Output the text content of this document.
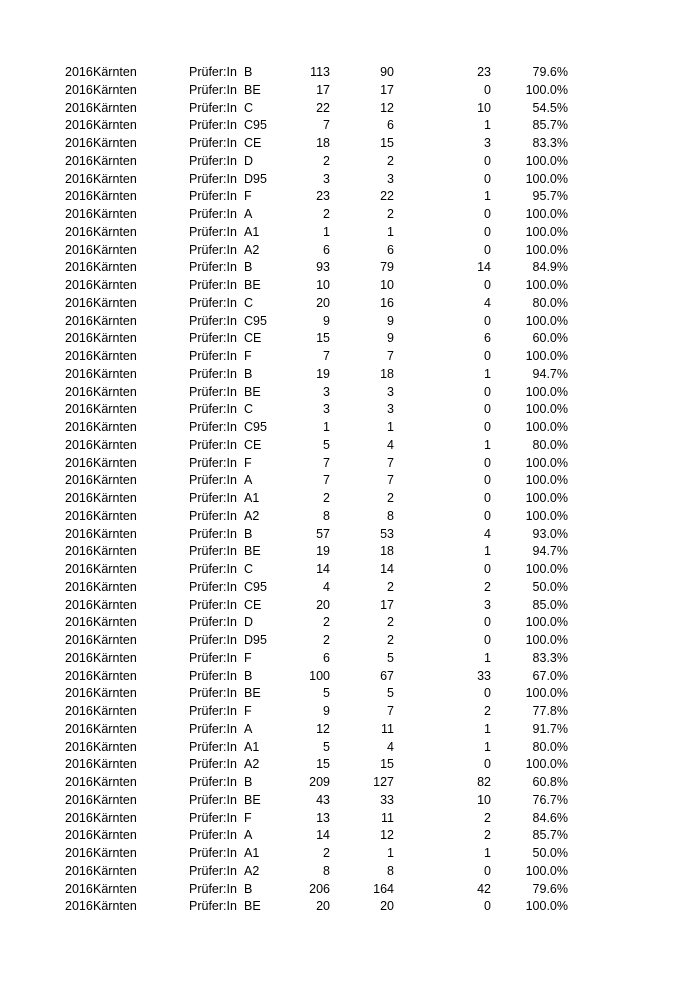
2016 Kärnten	Prüfer:In B	113	90	23	79.6%
2016 Kärnten	Prüfer:In BE	17	17	0	100.0%
2016 Kärnten	Prüfer:In C	22	12	10	54.5%
2016 Kärnten	Prüfer:In C95	7	6	1	85.7%
2016 Kärnten	Prüfer:In CE	18	15	3	83.3%
2016 Kärnten	Prüfer:In D	2	2	0	100.0%
2016 Kärnten	Prüfer:In D95	3	3	0	100.0%
2016 Kärnten	Prüfer:In F	23	22	1	95.7%
2016 Kärnten	Prüfer:In A	2	2	0	100.0%
2016 Kärnten	Prüfer:In A1	1	1	0	100.0%
2016 Kärnten	Prüfer:In A2	6	6	0	100.0%
2016 Kärnten	Prüfer:In B	93	79	14	84.9%
2016 Kärnten	Prüfer:In BE	10	10	0	100.0%
2016 Kärnten	Prüfer:In C	20	16	4	80.0%
2016 Kärnten	Prüfer:In C95	9	9	0	100.0%
2016 Kärnten	Prüfer:In CE	15	9	6	60.0%
2016 Kärnten	Prüfer:In F	7	7	0	100.0%
2016 Kärnten	Prüfer:In B	19	18	1	94.7%
2016 Kärnten	Prüfer:In BE	3	3	0	100.0%
2016 Kärnten	Prüfer:In C	3	3	0	100.0%
2016 Kärnten	Prüfer:In C95	1	1	0	100.0%
2016 Kärnten	Prüfer:In CE	5	4	1	80.0%
2016 Kärnten	Prüfer:In F	7	7	0	100.0%
2016 Kärnten	Prüfer:In A	7	7	0	100.0%
2016 Kärnten	Prüfer:In A1	2	2	0	100.0%
2016 Kärnten	Prüfer:In A2	8	8	0	100.0%
2016 Kärnten	Prüfer:In B	57	53	4	93.0%
2016 Kärnten	Prüfer:In BE	19	18	1	94.7%
2016 Kärnten	Prüfer:In C	14	14	0	100.0%
2016 Kärnten	Prüfer:In C95	4	2	2	50.0%
2016 Kärnten	Prüfer:In CE	20	17	3	85.0%
2016 Kärnten	Prüfer:In D	2	2	0	100.0%
2016 Kärnten	Prüfer:In D95	2	2	0	100.0%
2016 Kärnten	Prüfer:In F	6	5	1	83.3%
2016 Kärnten	Prüfer:In B	100	67	33	67.0%
2016 Kärnten	Prüfer:In BE	5	5	0	100.0%
2016 Kärnten	Prüfer:In F	9	7	2	77.8%
2016 Kärnten	Prüfer:In A	12	11	1	91.7%
2016 Kärnten	Prüfer:In A1	5	4	1	80.0%
2016 Kärnten	Prüfer:In A2	15	15	0	100.0%
2016 Kärnten	Prüfer:In B	209	127	82	60.8%
2016 Kärnten	Prüfer:In BE	43	33	10	76.7%
2016 Kärnten	Prüfer:In F	13	11	2	84.6%
2016 Kärnten	Prüfer:In A	14	12	2	85.7%
2016 Kärnten	Prüfer:In A1	2	1	1	50.0%
2016 Kärnten	Prüfer:In A2	8	8	0	100.0%
2016 Kärnten	Prüfer:In B	206	164	42	79.6%
2016 Kärnten	Prüfer:In BE	20	20	0	100.0%
